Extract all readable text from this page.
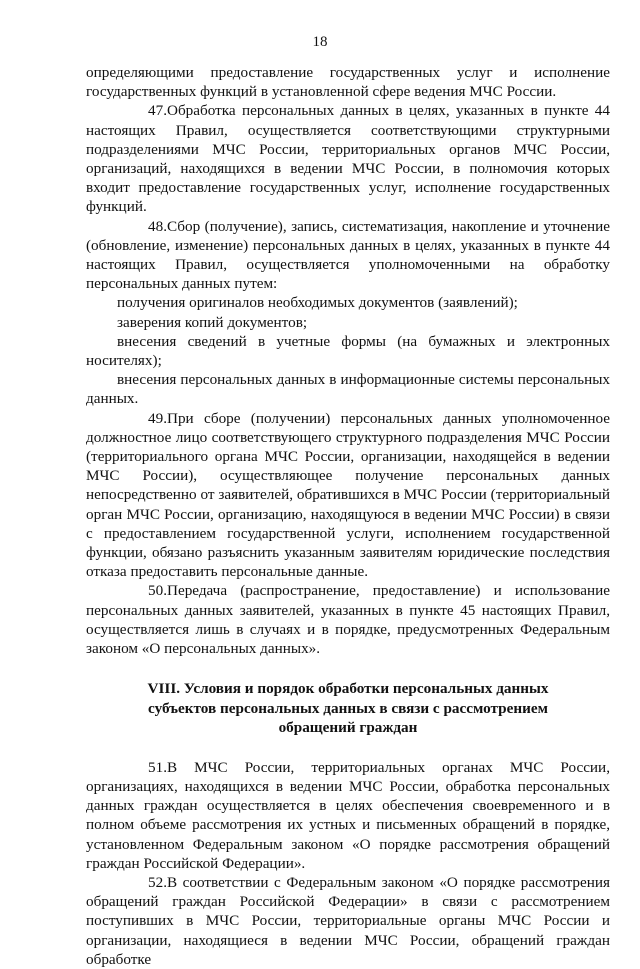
18

определяющими предоставление государственных услуг и исполнение государственных функций в установленной сфере ведения МЧС России.

47.Обработка персональных данных в целях, указанных в пункте 44 настоящих Правил, осуществляется соответствующими структурными подразделениями МЧС России, территориальных органов МЧС России, организаций, находящихся в ведении МЧС России, в полномочия которых входит предоставление государственных услуг, исполнение государственных функций.

48.Сбор (получение), запись, систематизация, накопление и уточнение (обновление, изменение) персональных данных в целях, указанных в пункте 44 настоящих Правил, осуществляется уполномоченными на обработку персональных данных путем:

получения оригиналов необходимых документов (заявлений);

заверения копий документов;

внесения сведений в учетные формы (на бумажных и электронных носителях);

внесения персональных данных в информационные системы персональных данных.

49.При сборе (получении) персональных данных уполномоченное должностное лицо соответствующего структурного подразделения МЧС России (территориального органа МЧС России, организации, находящейся в ведении МЧС России), осуществляющее получение персональных данных непосредственно от заявителей, обратившихся в МЧС России (территориальный орган МЧС России, организацию, находящуюся в ведении МЧС России) в связи с предоставлением государственной услуги, исполнением государственной функции, обязано разъяснить указанным заявителям юридические последствия отказа предоставить персональные данные.

50.Передача (распространение, предоставление) и использование персональных данных заявителей, указанных в пункте 45 настоящих Правил, осуществляется лишь в случаях и в порядке, предусмотренных Федеральным законом «О персональных данных».

VIII. Условия и порядок обработки персональных данных
субъектов персональных данных в связи с рассмотрением
обращений граждан

51.В МЧС России, территориальных органах МЧС России, организациях, находящихся в ведении МЧС России, обработка персональных данных граждан осуществляется в целях обеспечения своевременного и в полном объеме рассмотрения их устных и письменных обращений в порядке, установленном Федеральным законом «О порядке рассмотрения обращений граждан Российской Федерации».

52.В соответствии с Федеральным законом «О порядке рассмотрения обращений граждан Российской Федерации» в связи с рассмотрением поступивших в МЧС России, территориальные органы МЧС России и организации, находящиеся в ведении МЧС России, обращений граждан обработке
